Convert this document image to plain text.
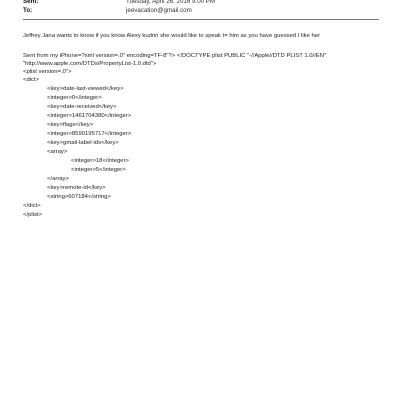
Sent:	Tuesday, April 26, 2016 9:00 PM
To:	jeevacation@gmail.com
Jeffrey Jana wants to know if you know Alexy kudrin she would like to speak t= him as you have guessed I like her
Sent from my iPhone=?xml version=.0" encoding=TF-8"?> <!DOCTYPE plist PUBLIC "-//Apple//DTD PLIST 1.0//EN"
"http://www.apple.com/DTDs/PropertyList-1.0.dtd">
<plist version=.0">
<dict>
<key>date-last-viewed</key>
<integer>0</integer>
<key>date-received</key>
<integer>1461704380</integer>
<key>flags</key>
<integer>8590195717</integer>
<key>gmail-label-ids</key>
<array>
<integer>18</integer>
<integer>5</integer>
</array>
<key>remote-id</key>
<string>607184</string>
</dict>
</plist>
